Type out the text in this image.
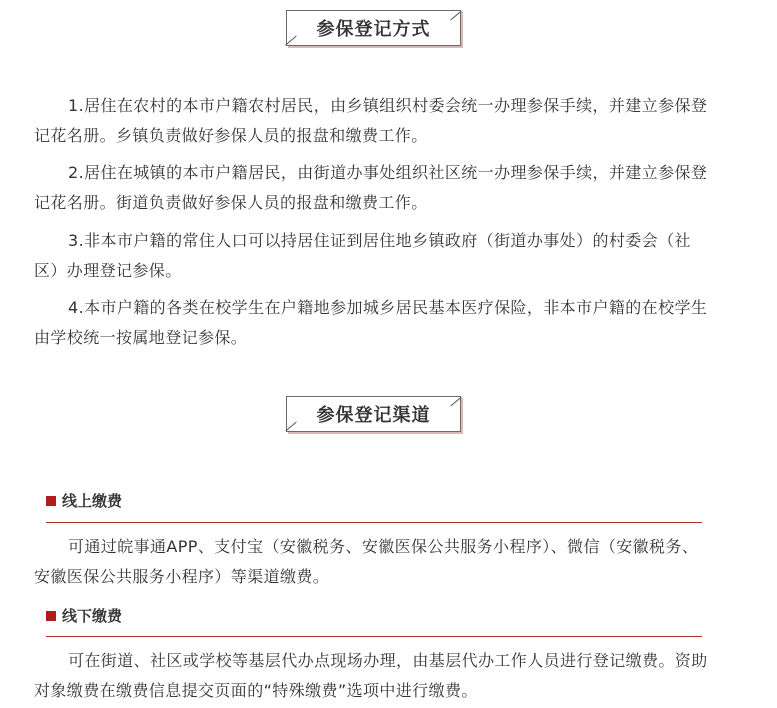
参保登记方式

1.居住在农村的本市户籍农村居民，由乡镇组织村委会统一办理参保手续，并建立参保登记花名册。乡镇负责做好参保人员的报盘和缴费工作。

2.居住在城镇的本市户籍居民，由街道办事处组织社区统一办理参保手续，并建立参保登记花名册。街道负责做好参保人员的报盘和缴费工作。

3.非本市户籍的常住人口可以持居住证到居住地乡镇政府（街道办事处）的村委会（社区）办理登记参保。

4.本市户籍的各类在校学生在户籍地参加城乡居民基本医疗保险，非本市户籍的在校学生由学校统一按属地登记参保。

参保登记渠道
线上缴费

可通过皖事通APP、支付宝（安徽税务、安徽医保公共服务小程序）、微信（安徽税务、安徽医保公共服务小程序）等渠道缴费。

线下缴费

可在街道、社区或学校等基层代办点现场办理，由基层代办工作人员进行登记缴费。资助对象缴费在缴费信息提交页面的“特殊缴费”选项中进行缴费。
